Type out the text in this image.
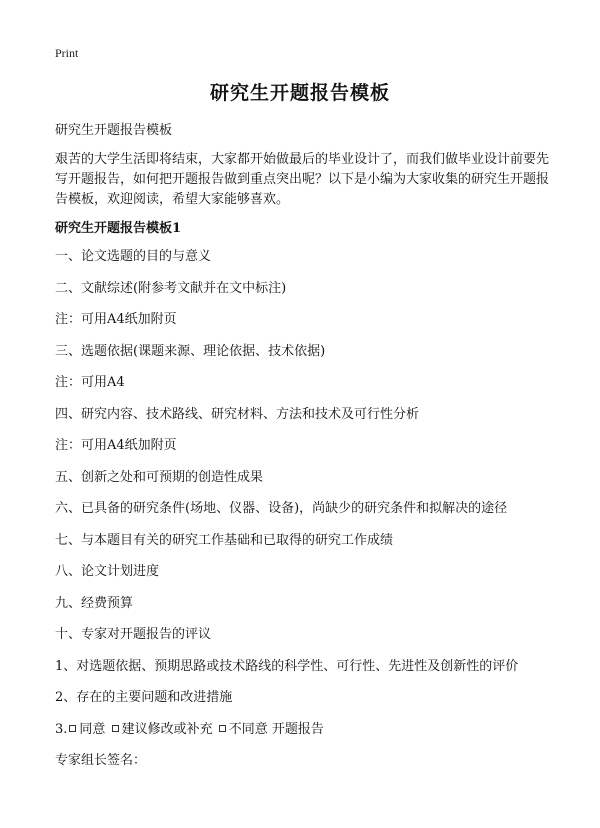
Print
研究生开题报告模板
研究生开题报告模板

艰苦的大学生活即将结束，大家都开始做最后的毕业设计了，而我们做毕业设计前要先写开题报告，如何把开题报告做到重点突出呢？以下是小编为大家收集的研究生开题报告模板，欢迎阅读，希望大家能够喜欢。

研究生开题报告模板1
一、论文选题的目的与意义
二、文献综述(附参考文献并在文中标注)
注：可用A4纸加附页
三、选题依据(课题来源、理论依据、技术依据)
注：可用A4
四、研究内容、技术路线、研究材料、方法和技术及可行性分析
注：可用A4纸加附页
五、创新之处和可预期的创造性成果
六、已具备的研究条件(场地、仪器、设备)，尚缺少的研究条件和拟解决的途径
七、与本题目有关的研究工作基础和已取得的研究工作成绩
八、论文计划进度
九、经费预算
十、专家对开题报告的评议
1、对选题依据、预期思路或技术路线的科学性、可行性、先进性及创新性的评价
2、存在的主要问题和改进措施
3. 同意 建议修改或补充 不同意 开题报告
专家组长签名：
